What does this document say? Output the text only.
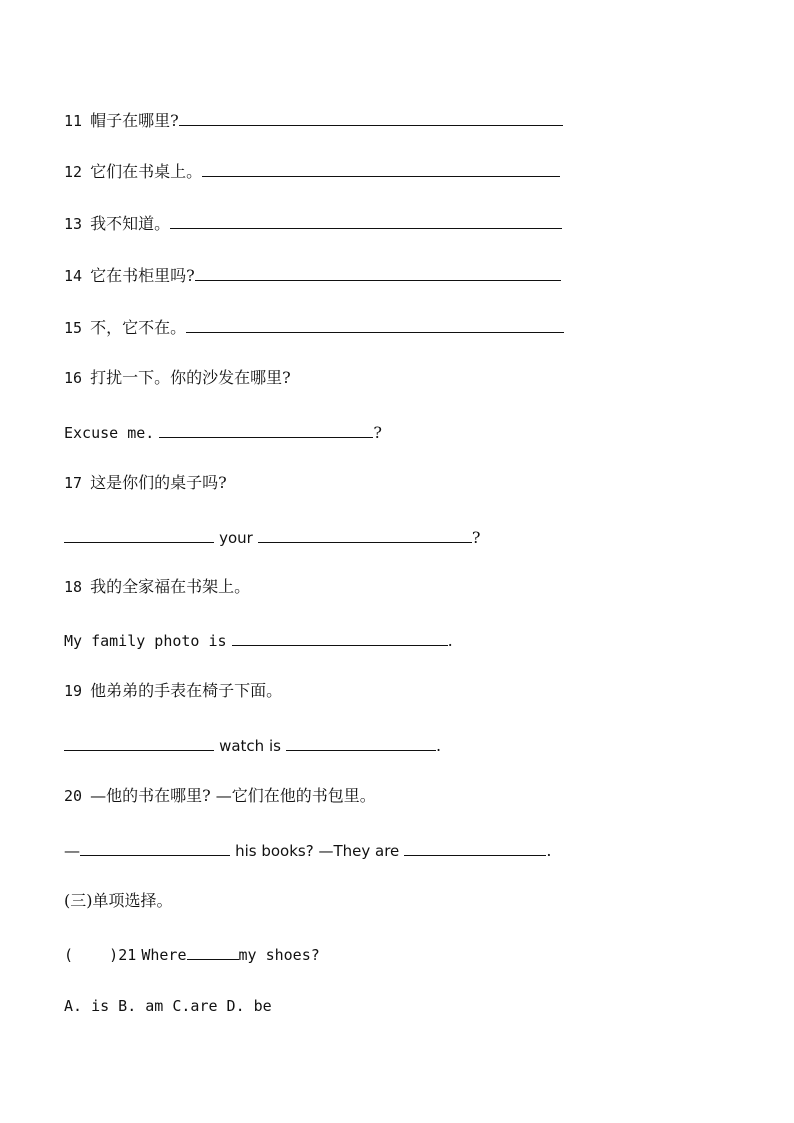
11 帽子在哪里?
12 它们在书桌上。
13 我不知道。
14 它在书柜里吗?
15 不，它不在。
16 打扰一下。你的沙发在哪里?
Excuse me.	?
17 这是你们的桌子吗?
your	?
18 我的全家福在书架上。
My family photo is	.
19 他弟弟的手表在椅子下面。
watch is	.
20 —他的书在哪里? —它们在他的书包里。
—	his books? —They are	.
(三)单项选择。
(    )21 Where	my shoes?
A. is B. am C.are D. be
